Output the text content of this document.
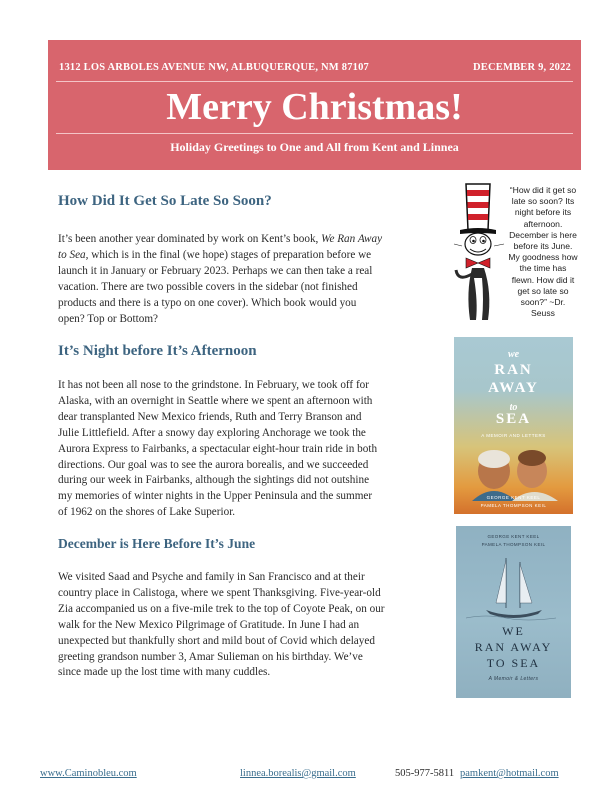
1312 LOS ARBOLES AVENUE NW, ALBUQUERQUE, NM 87107	DECEMBER 9, 2022
Merry Christmas!
Holiday Greetings to One and All from Kent and Linnea
How Did It Get So Late So Soon?
It’s been another year dominated by work on Kent’s book, We Ran Away
to Sea, which is in the final (we hope) stages of preparation before we
launch it in January or February 2023. Perhaps we can then take a real
vacation. There are two possible covers in the sidebar (not finished
products and there is a typo on one cover). Which book would you
open? Top or Bottom?
It’s Night before It’s Afternoon
It has not been all nose to the grindstone. In February, we took off for
Alaska, with an overnight in Seattle where we spent an afternoon with
dear transplanted New Mexico friends, Ruth and Terry Branson and
Julie Littlefield. After a snowy day exploring Anchorage we took the
Aurora Express to Fairbanks, a spectacular eight-hour train ride in both
directions. Our goal was to see the aurora borealis, and we succeeded
during our week in Fairbanks, although the sightings did not outshine
my memories of winter nights in the Upper Peninsula and the summer
of 1962 on the shores of Lake Superior.
December is Here Before It’s June
We visited Saad and Psyche and family in San Francisco and at their
country place in Calistoga, where we spent Thanksgiving. Five-year-old
Zia accompanied us on a five-mile trek to the top of Coyote Peak, on our
walk for the New Mexico Pilgrimage of Gratitude. In June I had an
unexpected but thankfully short and mild bout of Covid which delayed
greeting grandson number 3, Amar Sulieman on his birthday. We’ve
since made up the lost time with many cuddles.
“How did it get so late so soon? Its night before its afternoon. December is here before its June. My goodness how the time has flewn. How did it get so late so soon?” ~Dr. Seuss
we
RAN
AWAY
to
SEA
A MEMOIR AND LETTERS
GEORGE KENT KEEL
PAMELA THOMPSON KEIL
GEORGE KENT KEEL
PAMELA THOMPSON KEIL
WE
RAN AWAY
TO SEA
A Memoir & Letters
www.Caminobleu.com	linnea.borealis@gmail.com	505-977-5811 pamkent@hotmail.com
